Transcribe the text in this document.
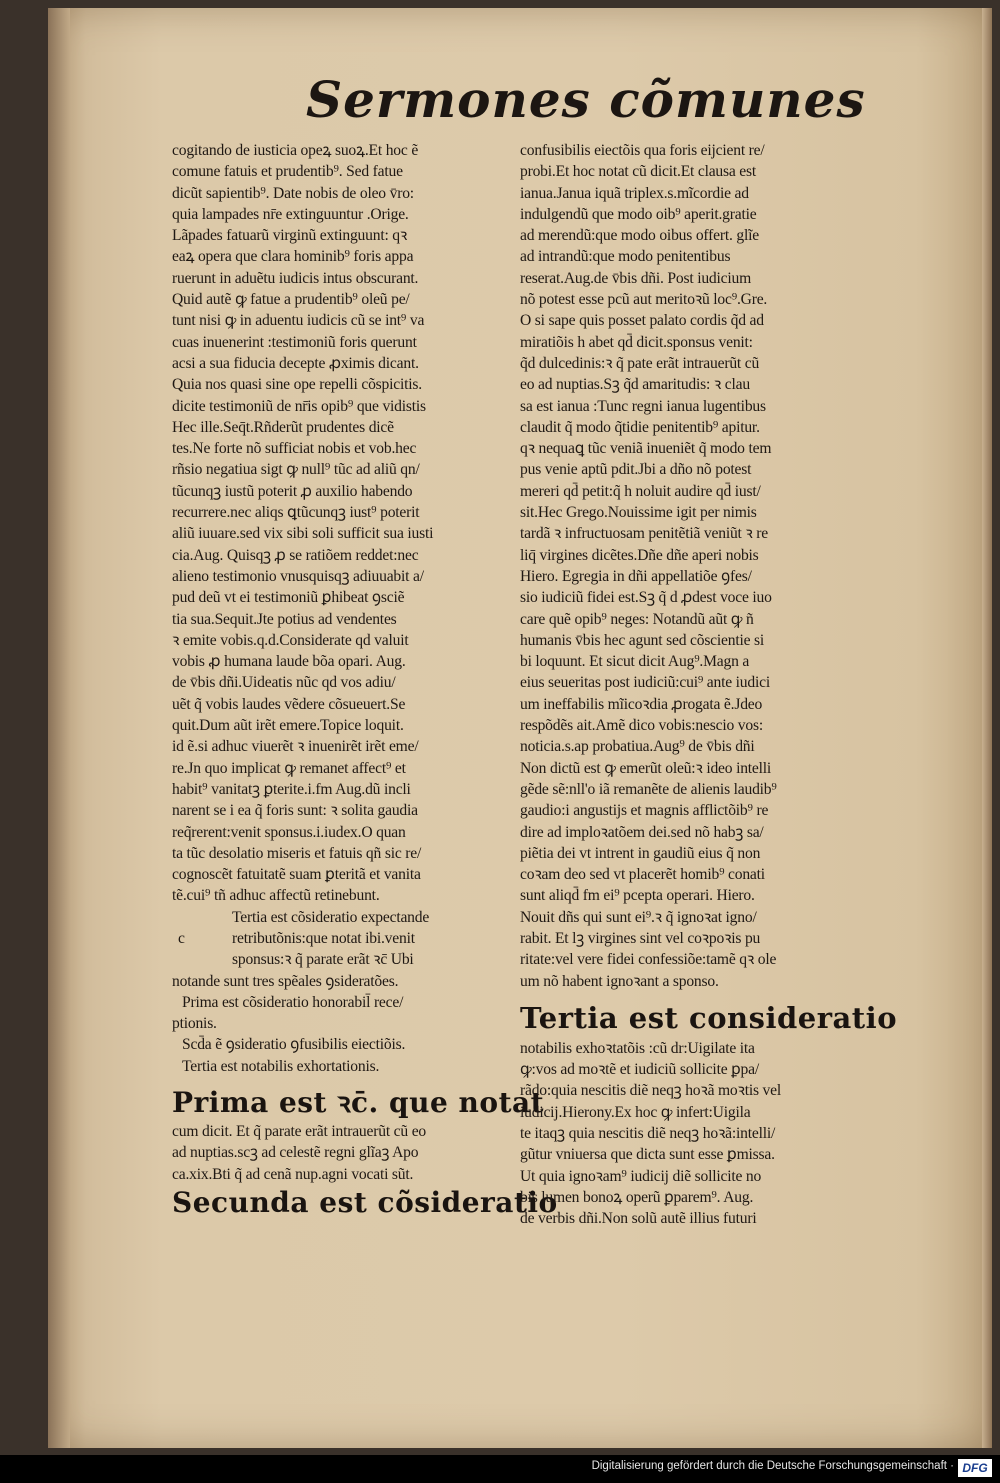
Sermones cõmunes
cogitando de iusticia opeꝝ suoꝝ.Et hoc ẽ
comune fatuis et prudentib⁹. Sed fatue
dicũt sapientib⁹. Date nobis de oleo v̄ro:
quia lampades nr̄e extinguuntur .Orige.
Lãpades fatuarũ virginũ extinguunt: qꝛ
eaꝝ opera que clara hominib⁹ foris appa
ruerunt in aduẽtu iudicis intus obscurant.
Quid autẽ ꝙ fatue a prudentib⁹ oleũ pe/
tunt nisi ꝙ in aduentu iudicis cũ se int⁹ va
cuas inuenerint :testimoniũ foris querunt
acsi a sua fiducia decepte ꝓximis dicant.
Quia nos quasi sine ope repelli cõspicitis.
dicite testimoniũ de nr̄is opib⁹ que vidistis
Hec ille.Seq̄t.Rñderũt prudentes dicẽ
tes.Ne forte nõ sufficiat nobis et vob.hec
rñsio negatiua sigt ꝙ null⁹ tũc ad aliũ qn/
tũcunqꝫ iustũ poterit ꝓ auxilio habendo
recurrere.nec aliqs ꝗtũcunqꝫ iust⁹ poterit
aliũ iuuare.sed vix sibi soli sufficit sua iusti
cia.Aug. Quisqꝫ ꝓ se ratiõem reddet:nec
alieno testimonio vnusquisqꝫ adiuuabit a/
pud deũ vt ei testimoniũ ꝑhibeat ꝯsciẽ
tia sua.Sequit.Jte potius ad vendentes
ꝛ emite vobis.q.d.Considerate qd valuit
vobis ꝓ humana laude bõa opari. Aug.
de v̄bis dñi.Uideatis nũc qd vos adiu/
uẽt q̃ vobis laudes vẽdere cõsueuert.Se
quit.Dum aũt irẽt emere.Topice loquit.
id ẽ.si adhuc viuerẽt ꝛ inuenirẽt irẽt eme/
re.Jn quo implicat ꝙ remanet affect⁹ et
habit⁹ vanitatꝫ ꝑterite.i.fm Aug.dũ incli
narent se i ea q̃ foris sunt: ꝛ solita gaudia
req̃rerent:venit sponsus.i.iudex.O quan
ta tũc desolatio miseris et fatuis qñ sic re/
cognoscẽt fatuitatẽ suam ꝑteritã et vanita
tẽ.cui⁹ tñ adhuc affectũ retinebunt.
Tertia est cõsideratio expectande
c	retributõnis:que notat ibi.venit
sponsus:ꝛ q̃ parate erãt ꝛc̄ Ubi
notande sunt tres spẽales ꝯsideratões.
Prima est cõsideratio honorabil̄ rece/
ptionis.
Scd̄a ẽ ꝯsideratio ꝯfusibilis eiectiõis.
Tertia est notabilis exhortationis.
Prima est ꝛc̄. que notat
cum dicit. Et q̃ parate erãt intrauerũt cũ eo
ad nuptias.scꝫ ad celestẽ regni glĩaꝫ Apo
ca.xix.Bti q̃ ad cenã nup.agni vocati sũt.
Secunda est cõsideratio
confusibilis eiectõis qua foris eijcient re/
probi.Et hoc notat cũ dicit.Et clausa est
ianua.Janua iquã triplex.s.mĩcordie ad
indulgendũ que modo oib⁹ aperit.gratie
ad merendũ:que modo oibus offert. glĩe
ad intrandũ:que modo penitentibus
reserat.Aug.de v̄bis dñi. Post iudicium
nõ potest esse pcũ aut meritoꝛũ loc⁹.Gre.
O si sape quis posset palato cordis q̃d ad
miratiõis h abet qd̄ dicit.sponsus venit:
q̃d dulcedinis:ꝛ q̃ pate erãt intrauerũt cũ
eo ad nuptias.Sꝫ q̃d amaritudis: ꝛ clau
sa est ianua :Tunc regni ianua lugentibus
claudit q̃ modo q̃tidie penitentib⁹ apitur.
qꝛ nequaꝗ tũc veniã inueniẽt q̃ modo tem
pus venie aptũ pdit.Jbi a dño nõ potest
mereri qd̄ petit:q̃ h noluit audire qd̄ iust/
sit.Hec Grego.Nouissime igit per nimis
tardã ꝛ infructuosam penitẽtiã veniũt ꝛ re
liq̄ virgines dicẽtes.Dñe dñe aperi nobis
Hiero. Egregia in dñi appellatiõe ꝯfes/
sio iudiciũ fidei est.Sꝫ q̃ d ꝓdest voce iuo
care quẽ opib⁹ neges: Notandũ aũt ꝙ ñ
humanis v̄bis hec agunt sed cõscientie si
bi loquunt. Et sicut dicit Aug⁹.Magn a
eius seueritas post iudiciũ:cui⁹ ante iudici
um ineffabilis mĩicoꝛdia ꝓrogata ẽ.Jdeo
respõdẽs ait.Amẽ dico vobis:nescio vos:
noticia.s.ap probatiua.Aug⁹ de v̄bis dñi
Non dictũ est ꝙ emerũt oleũ:ꝛ ideo intelli
gẽde sẽ:nll'o iã remanẽte de alienis laudib⁹
gaudio:i angustijs et magnis afflictõib⁹ re
dire ad imploꝛatõem dei.sed nõ habꝫ sa/
piẽtia dei vt intrent in gaudiũ eius q̃ non
coꝛam deo sed vt placerẽt homib⁹ conati
sunt aliqd̄ fm ei⁹ pcepta operari. Hiero.
Nouit dñs qui sunt ei⁹.ꝛ q̃ ignoꝛat igno/
rabit. Et lꝫ virgines sint vel coꝛpoꝛis pu
ritate:vel vere fidei confessiõe:tamẽ qꝛ ole
um nõ habent ignoꝛant a sponso.
Tertia est consideratio
notabilis exhoꝛtatõis :cũ dr:Uigilate ita
ꝙ:vos ad moꝛtẽ et iudiciũ sollicite ꝑpa/
rãdo:quia nescitis diẽ neqꝫ hoꝛã moꝛtis vel
iudicij.Hierony.Ex hoc ꝙ infert:Uigila
te itaqꝫ quia nescitis diẽ neqꝫ hoꝛã:intelli/
gũtur vniuersa que dicta sunt esse ꝑmissa.
Ut quia ignoꝛam⁹ iudicij diẽ sollicite no
bis lumen bonoꝝ operũ ꝑparem⁹. Aug.
de verbis dñi.Non solũ autẽ illius futuri
Digitalisierung gefördert durch die Deutsche Forschungsgemeinschaft · DFG
